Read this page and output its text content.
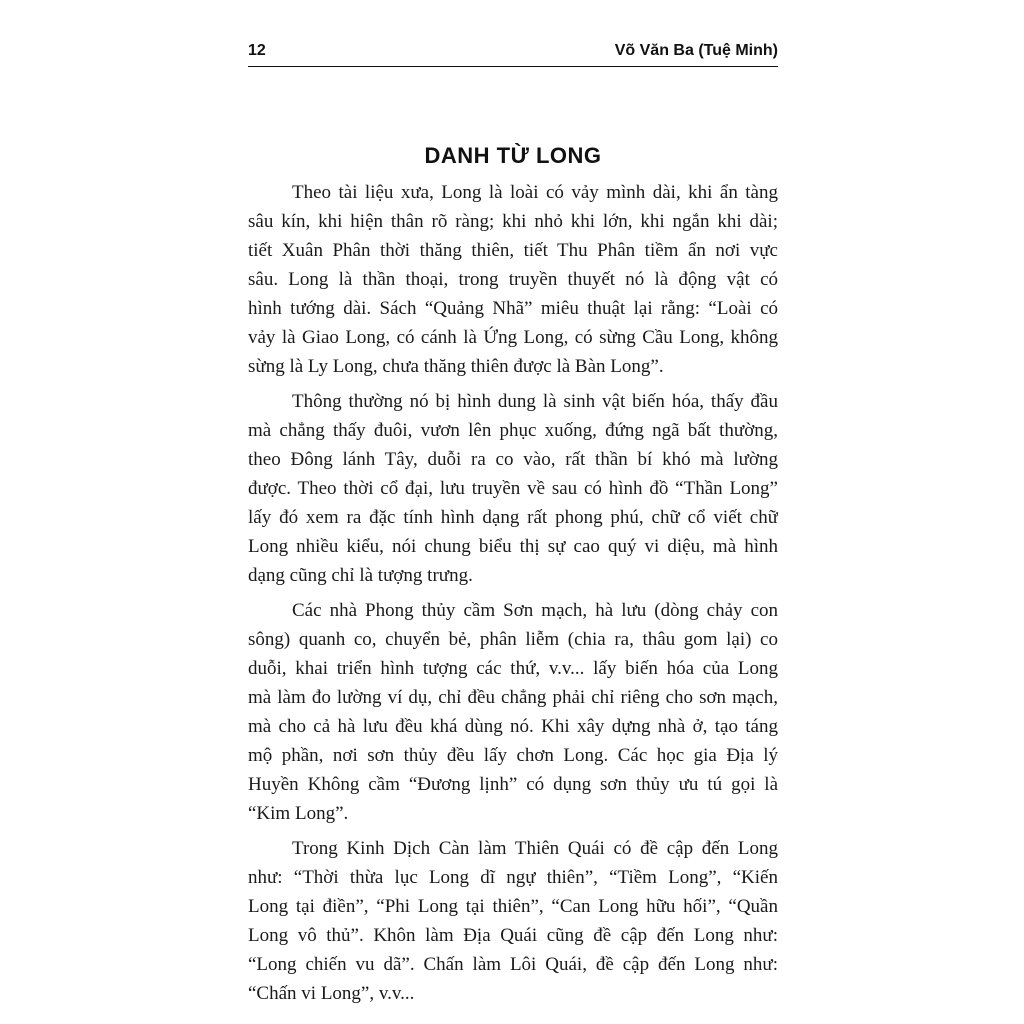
12	Võ Văn Ba (Tuệ Minh)
DANH TỪ LONG
Theo tài liệu xưa, Long là loài có vảy mình dài, khi ẩn tàng
sâu kín, khi hiện thân rõ ràng; khi nhỏ khi lớn, khi ngắn khi dài;
tiết Xuân Phân thời thăng thiên, tiết Thu Phân tiềm ẩn nơi vực
sâu. Long là thần thoại, trong truyền thuyết nó là động vật có
hình tướng dài. Sách “Quảng Nhã” miêu thuật lại rằng: “Loài có
vảy là Giao Long, có cánh là Ứng Long, có sừng Cầu Long, không
sừng là Ly Long, chưa thăng thiên được là Bàn Long”.
Thông thường nó bị hình dung là sinh vật biến hóa, thấy đầu
mà chẳng thấy đuôi, vươn lên phục xuống, đứng ngã bất thường,
theo Đông lánh Tây, duỗi ra co vào, rất thần bí khó mà lường
được. Theo thời cổ đại, lưu truyền về sau có hình đồ “Thần Long”
lấy đó xem ra đặc tính hình dạng rất phong phú, chữ cổ viết chữ
Long nhiều kiểu, nói chung biểu thị sự cao quý vi diệu, mà hình
dạng cũng chỉ là tượng trưng.
Các nhà Phong thủy cầm Sơn mạch, hà lưu (dòng chảy con
sông) quanh co, chuyển bẻ, phân liễm (chia ra, thâu gom lại) co
duỗi, khai triển hình tượng các thứ, v.v... lấy biến hóa của Long
mà làm đo lường ví dụ, chỉ đều chẳng phải chỉ riêng cho sơn mạch,
mà cho cả hà lưu đều khá dùng nó. Khi xây dựng nhà ở, tạo táng
mộ phần, nơi sơn thủy đều lấy chơn Long. Các học gia Địa lý
Huyền Không cầm “Đương lịnh” có dụng sơn thủy ưu tú gọi là
“Kim Long”.
Trong Kinh Dịch Càn làm Thiên Quái có đề cập đến Long
như: “Thời thừa lục Long dĩ ngự thiên”, “Tiềm Long”, “Kiến
Long tại điền”, “Phi Long tại thiên”, “Can Long hữu hối”, “Quần
Long vô thủ”. Khôn làm Địa Quái cũng đề cập đến Long như:
“Long chiến vu dã”. Chấn làm Lôi Quái, đề cập đến Long như:
“Chấn vi Long”, v.v...
